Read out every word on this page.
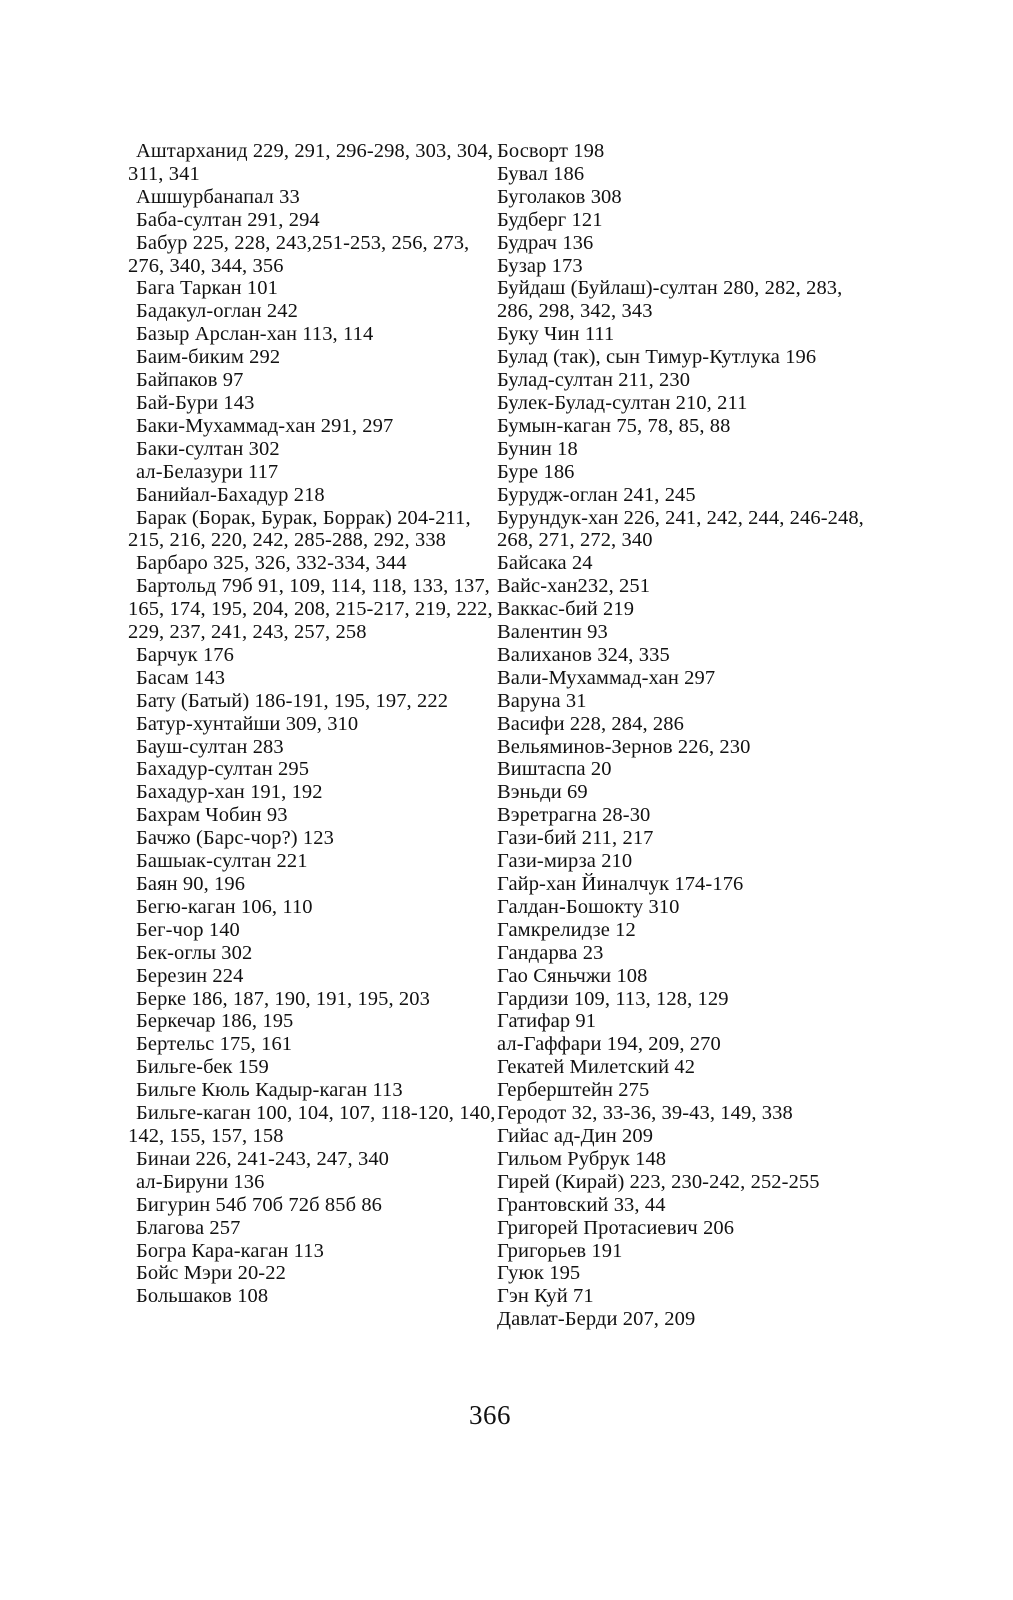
Аштарханид 229, 291, 296-298, 303, 304, 311, 341

Ашшурбанапал 33

Баба-султан 291, 294

Бабур 225, 228, 243,251-253, 256, 273, 276, 340, 344, 356

Бага Таркан 101

Бадакул-оглан 242

Базыр Арслан-хан 113, 114

Баим-биким 292

Байпаков 97

Бай-Бури 143

Баки-Мухаммад-хан 291, 297

Баки-султан 302

ал-Белазури 117

Банийал-Бахадур 218

Барак (Борак, Бурак, Боррак) 204-211, 215, 216, 220, 242, 285-288, 292, 338

Барбаро 325, 326, 332-334, 344

Бартольд 79б 91, 109, 114, 118, 133, 137, 165, 174, 195, 204, 208, 215-217, 219, 222, 229, 237, 241, 243, 257, 258

Барчук 176

Басам 143

Бату (Батый) 186-191, 195, 197, 222

Батур-хунтайши 309, 310

Бауш-султан 283

Бахадур-султан 295

Бахадур-хан 191, 192

Бахрам Чобин 93

Бачжо (Барс-чор?) 123

Башыак-султан 221

Баян 90, 196

Бегю-каган 106, 110

Бег-чор 140

Бек-оглы 302

Березин 224

Берке 186, 187, 190, 191, 195, 203

Беркечар 186, 195

Бертельс 175, 161

Бильге-бек 159

Бильге Кюль Кадыр-каган 113

Бильге-каган 100, 104, 107, 118-120, 140, 142, 155, 157, 158

Бинаи 226, 241-243, 247, 340

ал-Бируни 136

Бигурин 54б 70б 72б 85б 86

Благова 257

Богра Кара-каган 113

Бойс Мэри 20-22

Большаков 108

Босворт 198

Бувал 186

Буголаков 308

Будберг 121

Будрач 136

Бузар 173

Буйдаш (Буйлаш)-султан 280, 282, 283, 286, 298, 342, 343

Буку Чин 111

Булад (так), сын Тимур-Кутлука 196

Булад-султан 211, 230

Булек-Булад-султан 210, 211

Бумын-каган 75, 78, 85, 88

Бунин 18

Буре 186

Бурудж‑оглан 241, 245

Бурундук-хан 226, 241, 242, 244, 246-248, 268, 271, 272, 340

Байсака 24

Вайс-хан232, 251

Ваккас-бий 219

Валентин 93

Валиханов 324, 335

Вали-Мухаммад-хан 297

Варуна 31

Васифи 228, 284, 286

Вельяминов-Зернов 226, 230

Виштаспа 20

Вэньди 69

Вэретрагна 28-30

Гази-бий 211, 217

Гази-мирза 210

Гайр-хан Йиналчук 174-176

Галдан-Бошокту 310

Гамкрелидзе 12

Гандарва 23

Гао Сяньчжи 108

Гардизи 109, 113, 128, 129

Гатифар 91

ал-Гаффари 194, 209, 270

Гекатей Милетский 42

Герберштейн 275

Геродот 32, 33-36, 39-43, 149, 338

Гийас ад-Дин 209

Гильом Рубрук 148

Гирей (Кирай) 223, 230-242, 252-255

Грантовский 33, 44

Григорей Протасиевич 206

Григорьев 191

Гуюк 195

Гэн Куй 71

Давлат-Берди 207, 209

366
